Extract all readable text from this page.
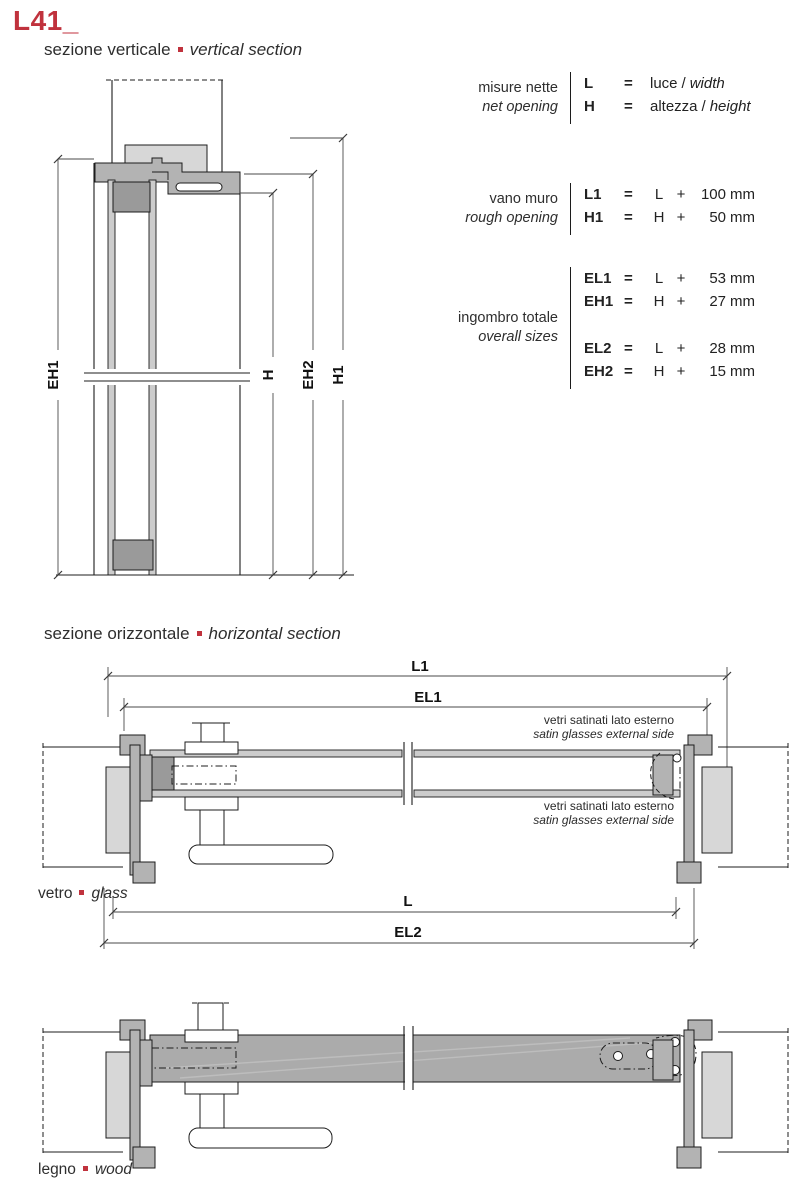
L41_
sezione verticale vertical section
EH1	H EH2 H1
misure nette
net opening
L	=	luce / width
H	=	altezza / height
vano muro
rough opening
L1	=	L +	100 mm
H1	=	H +	50 mm
ingombro totale
overall sizes
EL1 =	L +	53 mm
EH1 =	H +	27 mm
EL2 =	L +	28 mm
EH2 =	H +	15 mm
sezione orizzontale horizontal section
L1
EL1
L
EL2
vetri satinati lato esterno
satin glasses external side
vetri satinati lato esterno
satin glasses external side
vetro glass
legno wood
